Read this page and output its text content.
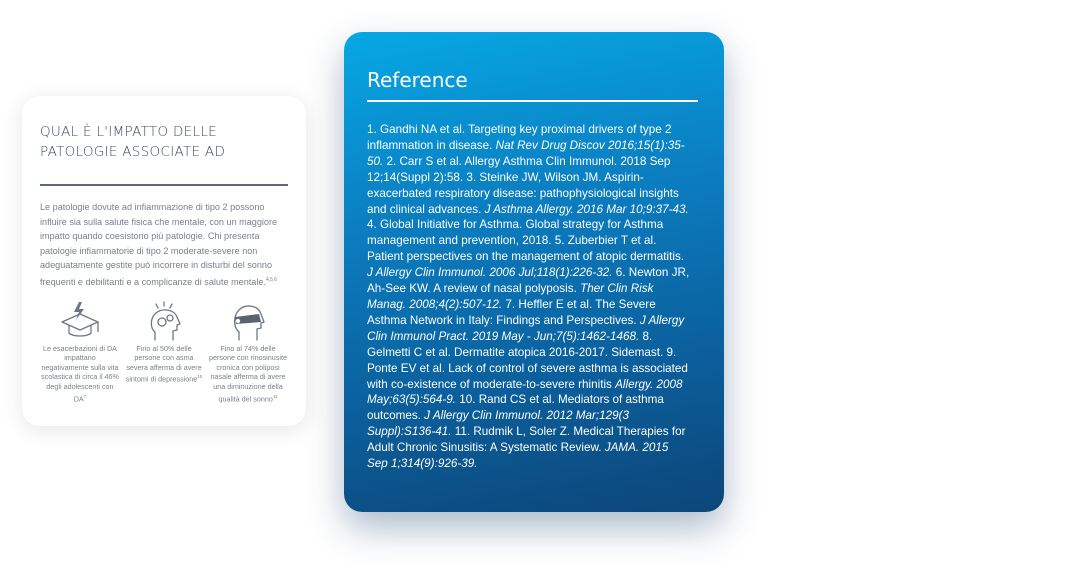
QUAL È L'IMPATTO DELLE PATOLOGIE ASSOCIATE AD

Le patologie dovute ad infiammazione di tipo 2 possono influire sia sulla salute fisica che mentale, con un maggiore impatto quando coesistono più patologie. Chi presenta patologie infiammatorie di tipo 2 moderate-severe non adeguatamente gestite può incorrere in disturbi del sonno frequenti e debilitanti e a complicanze di salute mentale.$^{4,5,6}$

Le esacerbazioni di DA impattano negativamente sulla vita scolastica di circa il 46% degli adolescenti con $DA^7$
Fino al 50% delle persone con asma severa afferma di avere sintomi di depressione$^{10}$
Fino al 74% delle persone con rinosinusite cronica con poliposi nasale afferma di avere una diminuzione della qualità del sonno$^{11}$
Reference

1. Gandhi NA et al. Targeting key proximal drivers of type 2 inflammation in disease. Nat Rev Drug Discov 2016;15(1):35-50. 2. Carr S et al. Allergy Asthma Clin Immunol. 2018 Sep 12;14(Suppl 2):58. 3. Steinke JW, Wilson JM. Aspirin-exacerbated respiratory disease: pathophysiological insights and clinical advances. J Asthma Allergy. 2016 Mar 10;9:37-43. 4. Global Initiative for Asthma. Global strategy for Asthma management and prevention, 2018. 5. Zuberbier T et al. Patient perspectives on the management of atopic dermatitis. J Allergy Clin Immunol. 2006 Jul;118(1):226-32. 6. Newton JR, Ah-See KW. A review of nasal polyposis. Ther Clin Risk Manag. 2008;4(2):507-12. 7. Heffler E et al. The Severe Asthma Network in Italy: Findings and Perspectives. J Allergy Clin Immunol Pract. 2019 May - Jun;7(5):1462-1468. 8. Gelmetti C et al. Dermatite atopica 2016-2017. Sidemast. 9. Ponte EV et al. Lack of control of severe asthma is associated with co-existence of moderate-to-severe rhinitis Allergy. 2008 May;63(5):564-9. 10. Rand CS et al. Mediators of asthma outcomes. J Allergy Clin Immunol. 2012 Mar;129(3 Suppl):S136-41. 11. Rudmik L, Soler Z. Medical Therapies for Adult Chronic Sinusitis: A Systematic Review. JAMA. 2015 Sep 1;314(9):926-39.
